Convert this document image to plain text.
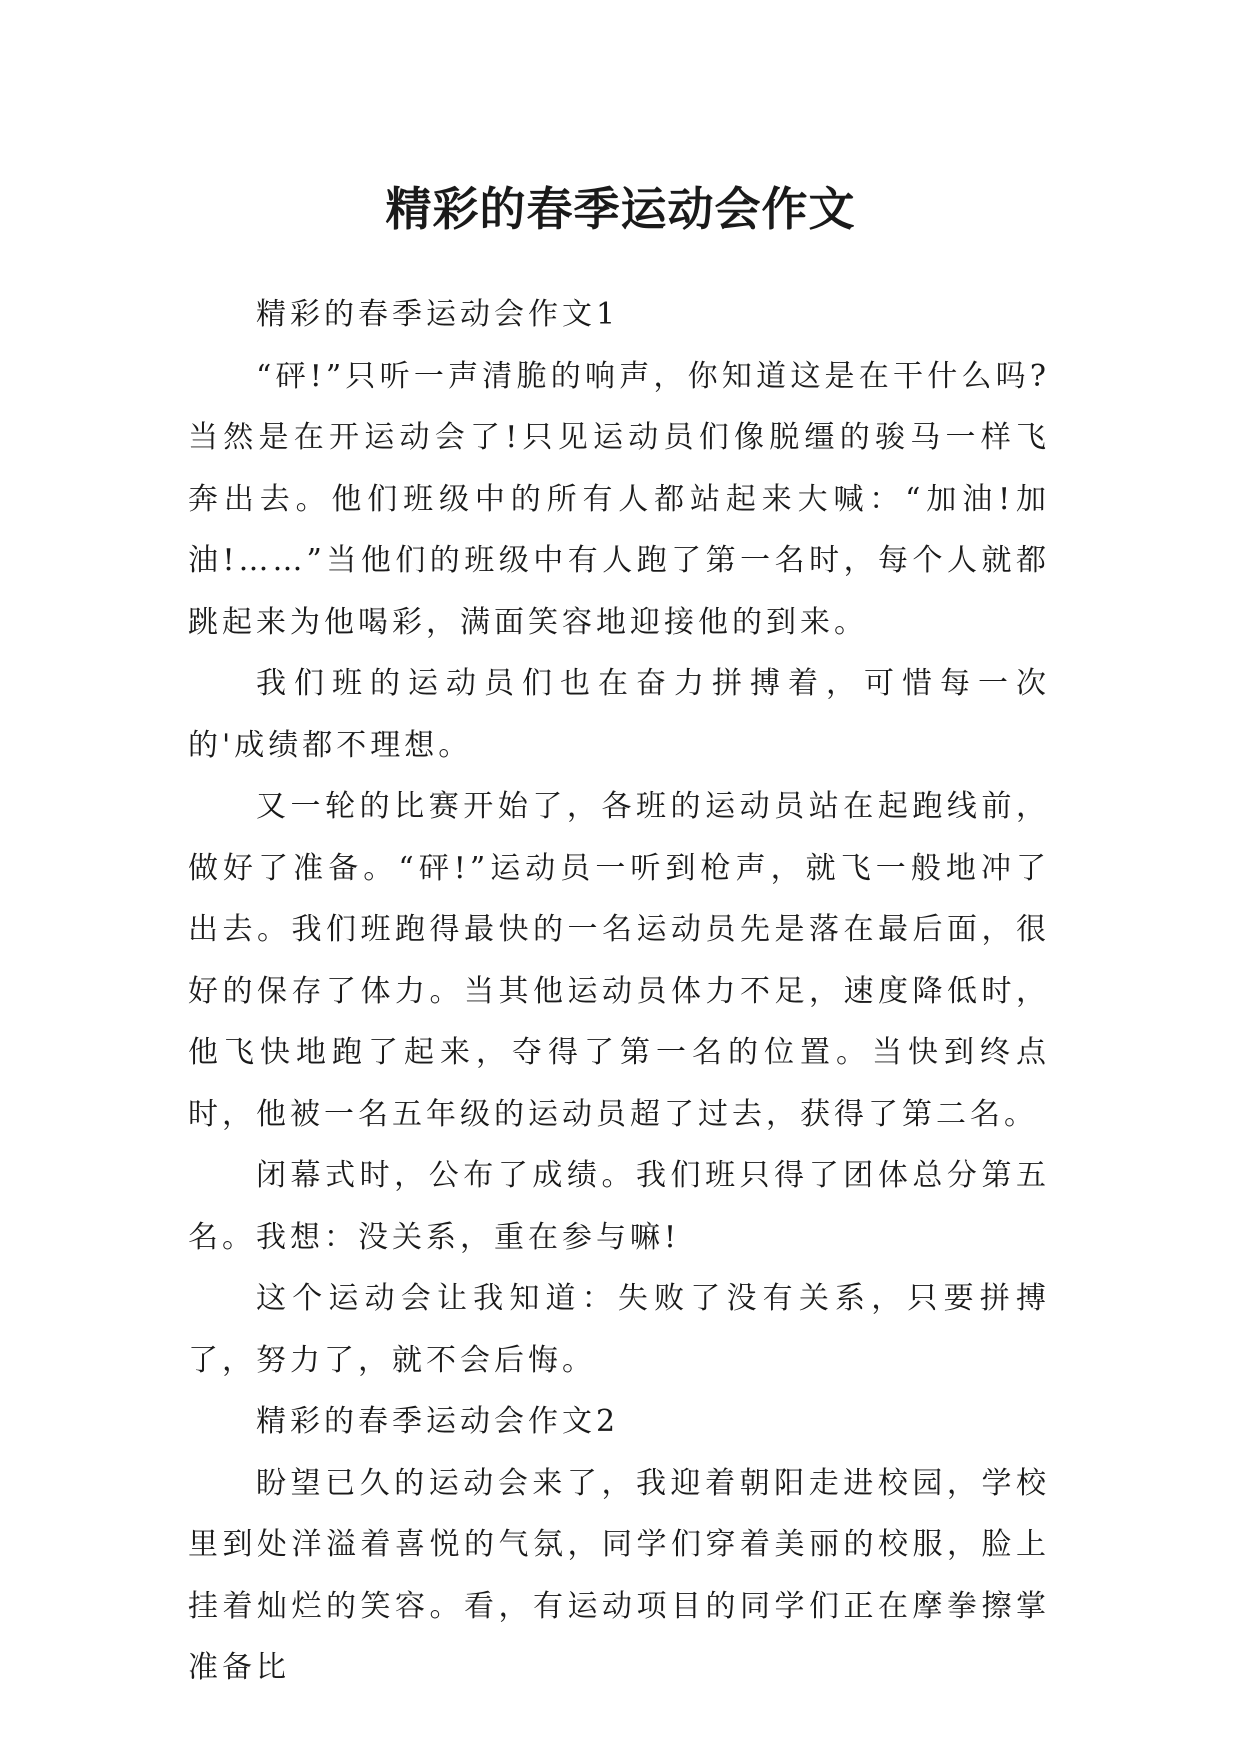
精彩的春季运动会作文

精彩的春季运动会作文1

“砰!”只听一声清脆的响声，你知道这是在干什么吗?当然是在开运动会了!只见运动员们像脱缰的骏马一样飞奔出去。他们班级中的所有人都站起来大喊：“加油!加油!……”当他们的班级中有人跑了第一名时，每个人就都跳起来为他喝彩，满面笑容地迎接他的到来。

我们班的运动员们也在奋力拼搏着，可惜每一次的'成绩都不理想。

又一轮的比赛开始了，各班的运动员站在起跑线前，做好了准备。“砰!”运动员一听到枪声，就飞一般地冲了出去。我们班跑得最快的一名运动员先是落在最后面，很好的保存了体力。当其他运动员体力不足，速度降低时，他飞快地跑了起来，夺得了第一名的位置。当快到终点时，他被一名五年级的运动员超了过去，获得了第二名。

闭幕式时，公布了成绩。我们班只得了团体总分第五名。我想：没关系，重在参与嘛!

这个运动会让我知道：失败了没有关系，只要拼搏了，努力了，就不会后悔。

精彩的春季运动会作文2

盼望已久的运动会来了，我迎着朝阳走进校园，学校里到处洋溢着喜悦的气氛，同学们穿着美丽的校服，脸上挂着灿烂的笑容。看，有运动项目的同学们正在摩拳擦掌准备比
